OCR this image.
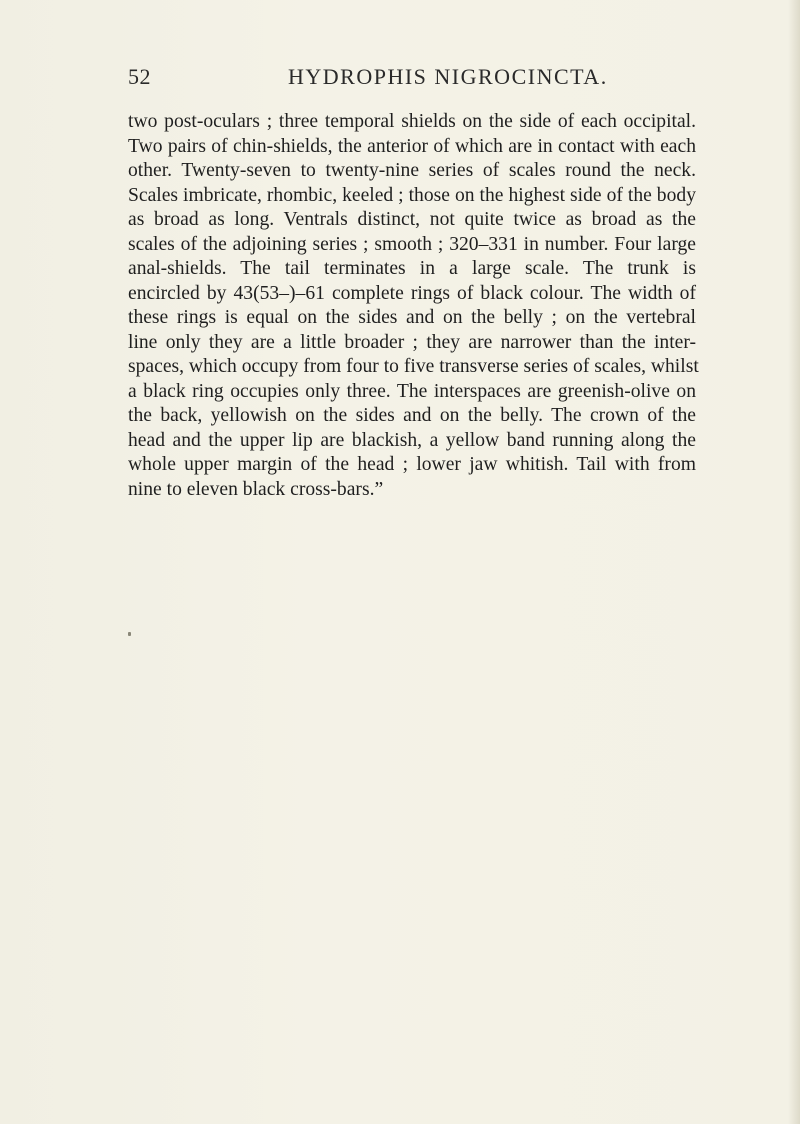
52	HYDROPHIS NIGROCINCTA.
two post-oculars ; three temporal shields on the side of each occipital.
Two pairs of chin-shields, the anterior of which are in contact with each
other. Twenty-seven to twenty-nine series of scales round the neck.
Scales imbricate, rhombic, keeled ; those on the highest side of the body
as broad as long. Ventrals distinct, not quite twice as broad as the
scales of the adjoining series ; smooth ; 320–331 in number. Four large
anal-shields. The tail terminates in a large scale. The trunk is
encircled by 43(53–)–61 complete rings of black colour. The width of
these rings is equal on the sides and on the belly ; on the vertebral
line only they are a little broader ; they are narrower than the inter-
spaces, which occupy from four to five transverse series of scales, whilst
a black ring occupies only three. The interspaces are greenish-olive on
the back, yellowish on the sides and on the belly. The crown of the
head and the upper lip are blackish, a yellow band running along the
whole upper margin of the head ; lower jaw whitish. Tail with from
nine to eleven black cross-bars.”
